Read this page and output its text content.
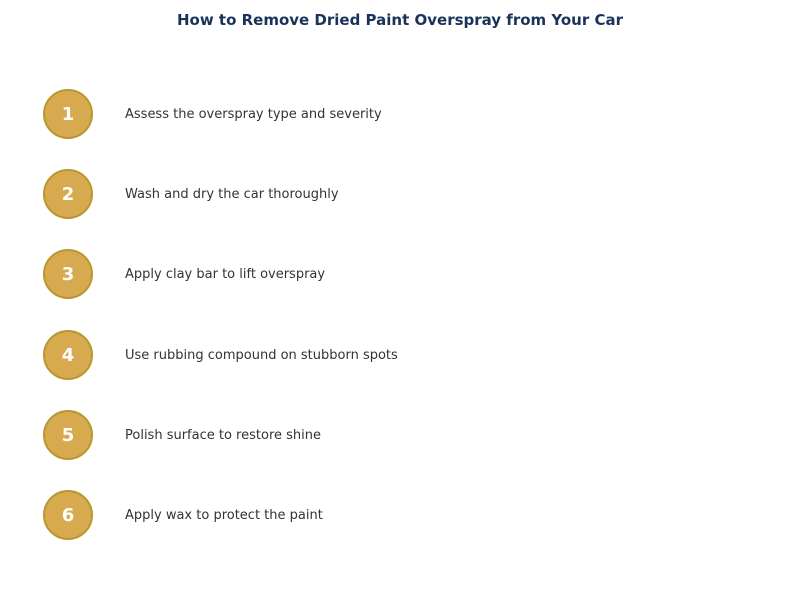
How to Remove Dried Paint Overspray from Your Car
1	Assess the overspray type and severity
2	Wash and dry the car thoroughly
3	Apply clay bar to lift overspray
4	Use rubbing compound on stubborn spots
5	Polish surface to restore shine
6	Apply wax to protect the paint
